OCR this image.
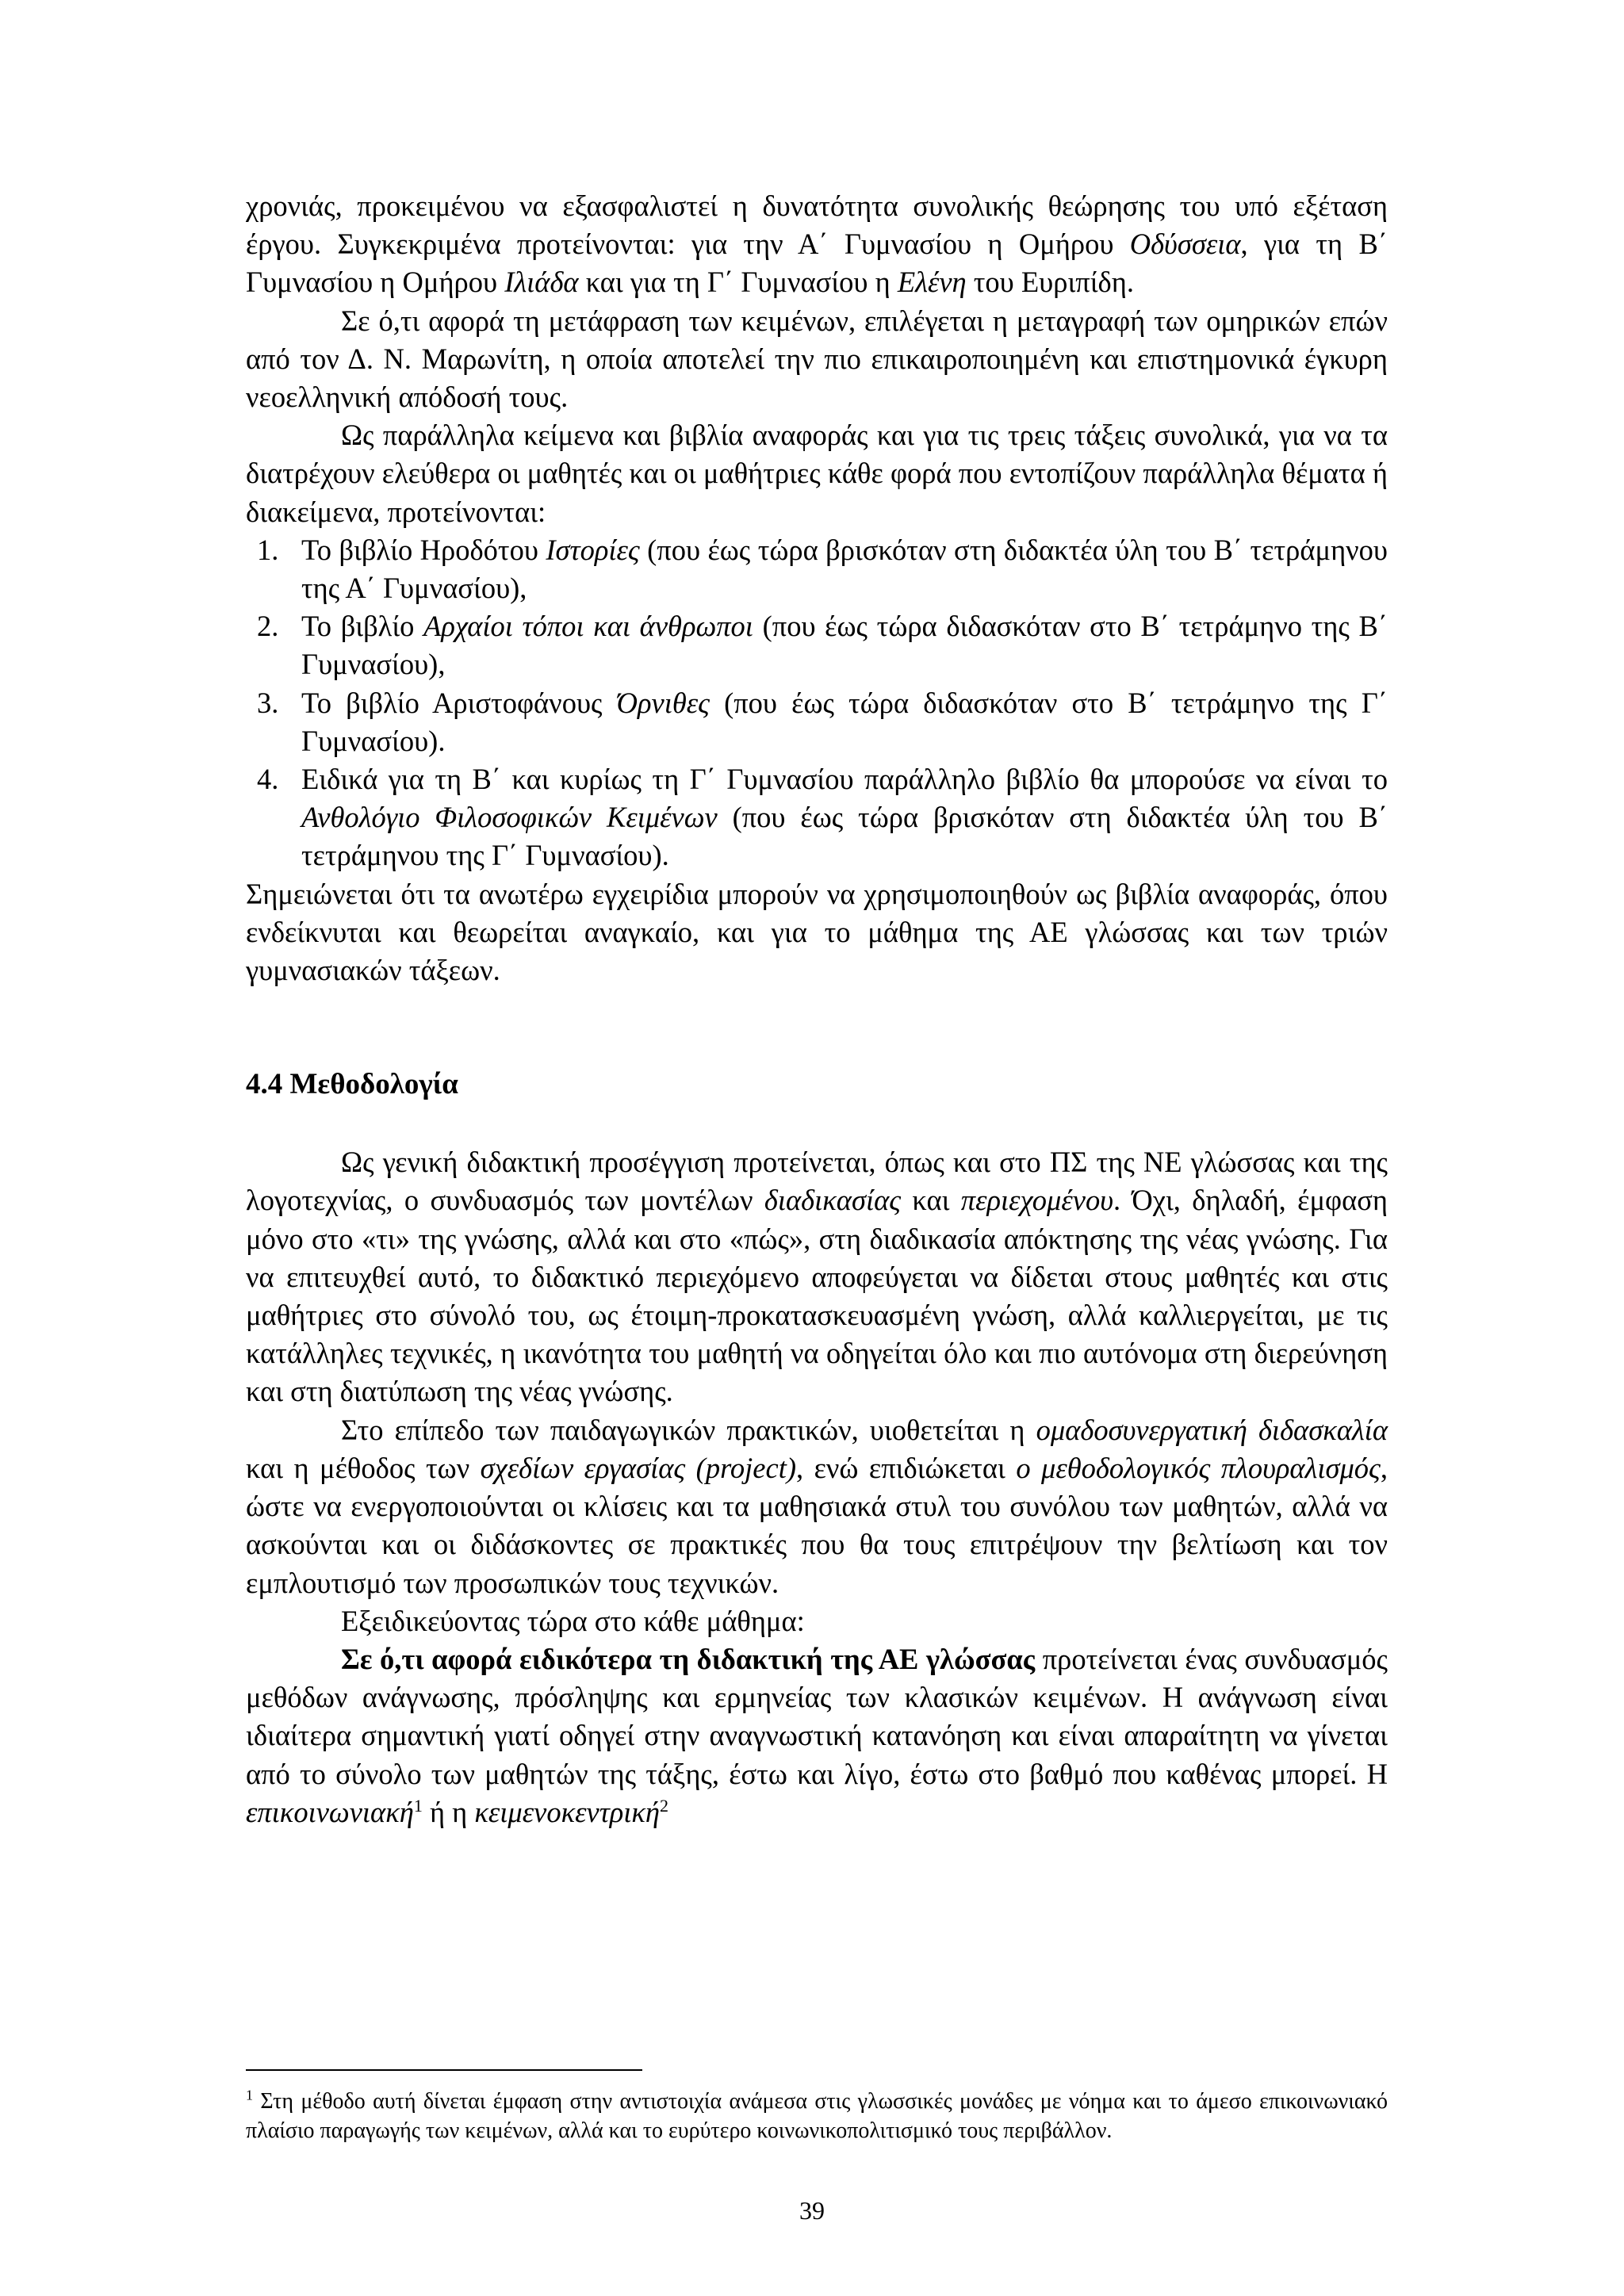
χρονιάς, προκειμένου να εξασφαλιστεί η δυνατότητα συνολικής θεώρησης του υπό εξέταση έργου. Συγκεκριμένα προτείνονται: για την Α΄ Γυμνασίου η Ομήρου Οδύσσεια, για τη Β΄ Γυμνασίου η Ομήρου Ιλιάδα και για τη Γ΄ Γυμνασίου η Ελένη του Ευριπίδη.

Σε ό,τι αφορά τη μετάφραση των κειμένων, επιλέγεται η μεταγραφή των ομηρικών επών από τον Δ. Ν. Μαρωνίτη, η οποία αποτελεί την πιο επικαιροποιημένη και επιστημονικά έγκυρη νεοελληνική απόδοσή τους.

Ως παράλληλα κείμενα και βιβλία αναφοράς και για τις τρεις τάξεις συνολικά, για να τα διατρέχουν ελεύθερα οι μαθητές και οι μαθήτριες κάθε φορά που εντοπίζουν παράλληλα θέματα ή διακείμενα, προτείνονται:

1. Το βιβλίο Ηροδότου Ιστορίες (που έως τώρα βρισκόταν στη διδακτέα ύλη του Β΄ τετράμηνου της Α΄ Γυμνασίου),
2. Το βιβλίο Αρχαίοι τόποι και άνθρωποι (που έως τώρα διδασκόταν στο Β΄ τετράμηνο της Β΄ Γυμνασίου),
3. Το βιβλίο Αριστοφάνους Όρνιθες (που έως τώρα διδασκόταν στο Β΄ τετράμηνο της Γ΄ Γυμνασίου).
4. Ειδικά για τη Β΄ και κυρίως τη Γ΄ Γυμνασίου παράλληλο βιβλίο θα μπορούσε να είναι το Ανθολόγιο Φιλοσοφικών Κειμένων (που έως τώρα βρισκόταν στη διδακτέα ύλη του Β΄ τετράμηνου της Γ΄ Γυμνασίου).

Σημειώνεται ότι τα ανωτέρω εγχειρίδια μπορούν να χρησιμοποιηθούν ως βιβλία αναφοράς, όπου ενδείκνυται και θεωρείται αναγκαίο, και για το μάθημα της ΑΕ γλώσσας και των τριών γυμνασιακών τάξεων.

4.4 Μεθοδολογία

Ως γενική διδακτική προσέγγιση προτείνεται, όπως και στο ΠΣ της ΝΕ γλώσσας και της λογοτεχνίας, ο συνδυασμός των μοντέλων διαδικασίας και περιεχομένου. Όχι, δηλαδή, έμφαση μόνο στο «τι» της γνώσης, αλλά και στο «πώς», στη διαδικασία απόκτησης της νέας γνώσης. Για να επιτευχθεί αυτό, το διδακτικό περιεχόμενο αποφεύγεται να δίδεται στους μαθητές και στις μαθήτριες στο σύνολό του, ως έτοιμη-προκατασκευασμένη γνώση, αλλά καλλιεργείται, με τις κατάλληλες τεχνικές, η ικανότητα του μαθητή να οδηγείται όλο και πιο αυτόνομα στη διερεύνηση και στη διατύπωση της νέας γνώσης.

Στο επίπεδο των παιδαγωγικών πρακτικών, υιοθετείται η ομαδοσυνεργατική διδασκαλία και η μέθοδος των σχεδίων εργασίας (project), ενώ επιδιώκεται ο μεθοδολογικός πλουραλισμός, ώστε να ενεργοποιούνται οι κλίσεις και τα μαθησιακά στυλ του συνόλου των μαθητών, αλλά να ασκούνται και οι διδάσκοντες σε πρακτικές που θα τους επιτρέψουν την βελτίωση και τον εμπλουτισμό των προσωπικών τους τεχνικών.

Εξειδικεύοντας τώρα στο κάθε μάθημα:

Σε ό,τι αφορά ειδικότερα τη διδακτική της ΑΕ γλώσσας προτείνεται ένας συνδυασμός μεθόδων ανάγνωσης, πρόσληψης και ερμηνείας των κλασικών κειμένων. Η ανάγνωση είναι ιδιαίτερα σημαντική γιατί οδηγεί στην αναγνωστική κατανόηση και είναι απαραίτητη να γίνεται από το σύνολο των μαθητών της τάξης, έστω και λίγο, έστω στο βαθμό που καθένας μπορεί. Η επικοινωνιακή$^1$ ή η κειμενοκεντρική$^2$

$^1$ Στη μέθοδο αυτή δίνεται έμφαση στην αντιστοιχία ανάμεσα στις γλωσσικές μονάδες με νόημα και το άμεσο επικοινωνιακό πλαίσιο παραγωγής των κειμένων, αλλά και το ευρύτερο κοινωνικοπολιτισμικό τους περιβάλλον.
39
